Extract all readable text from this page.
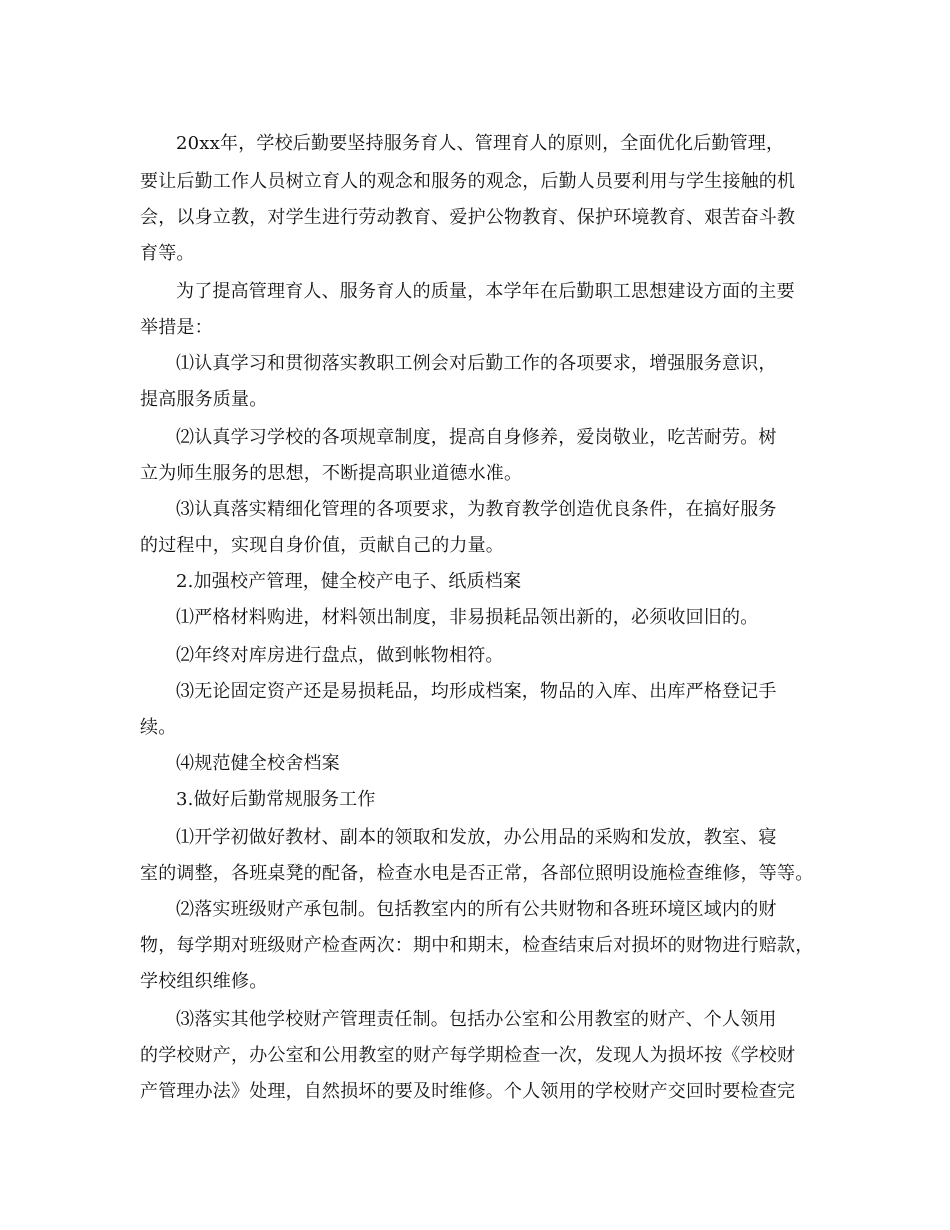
20xx年，学校后勤要坚持服务育人、管理育人的原则，全面优化后勤管理，
要让后勤工作人员树立育人的观念和服务的观念，后勤人员要利用与学生接触的机
会，以身立教，对学生进行劳动教育、爱护公物教育、保护环境教育、艰苦奋斗教
育等。
为了提高管理育人、服务育人的质量，本学年在后勤职工思想建设方面的主要
举措是：
⑴认真学习和贯彻落实教职工例会对后勤工作的各项要求，增强服务意识，
提高服务质量。
⑵认真学习学校的各项规章制度，提高自身修养，爱岗敬业，吃苦耐劳。树
立为师生服务的思想，不断提高职业道德水准。
⑶认真落实精细化管理的各项要求，为教育教学创造优良条件，在搞好服务
的过程中，实现自身价值，贡献自己的力量。
2.加强校产管理，健全校产电子、纸质档案
⑴严格材料购进，材料领出制度，非易损耗品领出新的，必须收回旧的。
⑵年终对库房进行盘点，做到帐物相符。
⑶无论固定资产还是易损耗品，均形成档案，物品的入库、出库严格登记手
续。
⑷规范健全校舍档案
3.做好后勤常规服务工作
⑴开学初做好教材、副本的领取和发放，办公用品的采购和发放，教室、寝
室的调整，各班桌凳的配备，检查水电是否正常，各部位照明设施检查维修，等等。
⑵落实班级财产承包制。包括教室内的所有公共财物和各班环境区域内的财
物，每学期对班级财产检查两次：期中和期末，检查结束后对损坏的财物进行赔款，
学校组织维修。
⑶落实其他学校财产管理责任制。包括办公室和公用教室的财产、个人领用
的学校财产，办公室和公用教室的财产每学期检查一次，发现人为损坏按《学校财
产管理办法》处理，自然损坏的要及时维修。个人领用的学校财产交回时要检查完
